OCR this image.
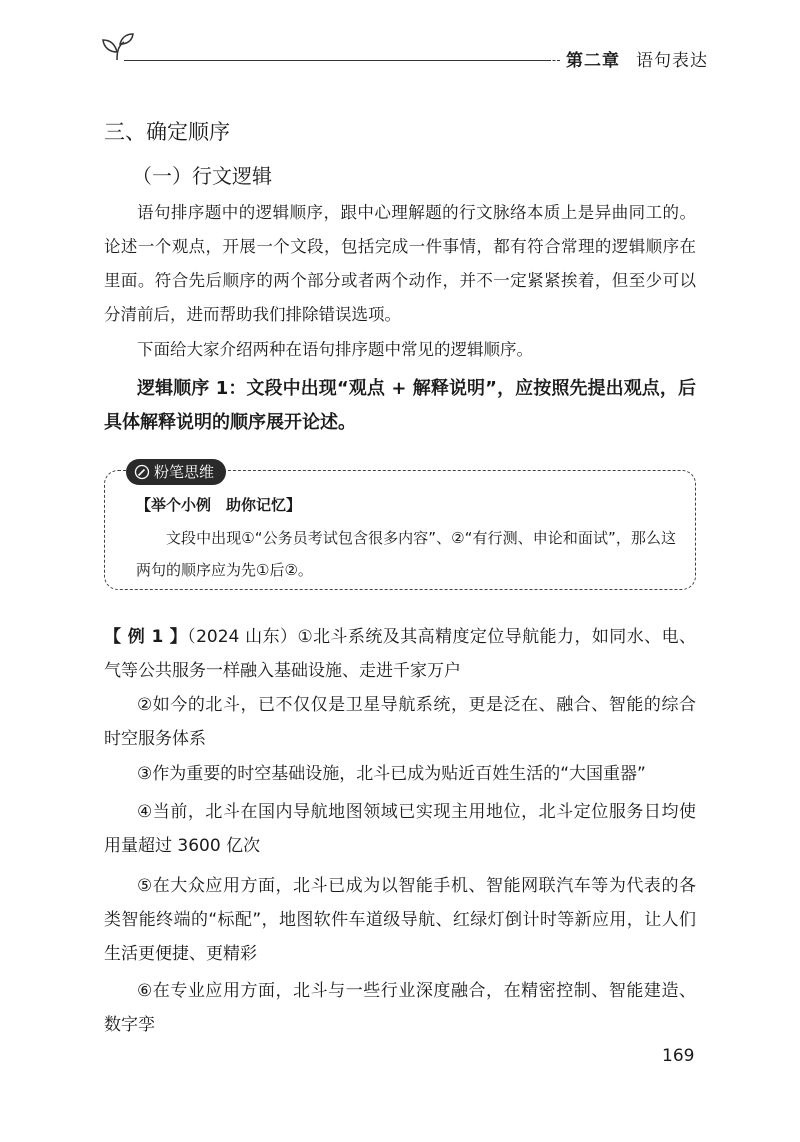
第二章 语句表达
三、确定顺序
（一）行文逻辑
语句排序题中的逻辑顺序，跟中心理解题的行文脉络本质上是异曲同工的。论述一个观点，开展一个文段，包括完成一件事情，都有符合常理的逻辑顺序在里面。符合先后顺序的两个部分或者两个动作，并不一定紧紧挨着，但至少可以分清前后，进而帮助我们排除错误选项。
下面给大家介绍两种在语句排序题中常见的逻辑顺序。
逻辑顺序 1：文段中出现“观点 + 解释说明”，应按照先提出观点，后具体解释说明的顺序展开论述。
粉笔思维
【举个小例　助你记忆】
文段中出现①“公务员考试包含很多内容”、②“有行测、申论和面试”，那么这两句的顺序应为先①后②。
【 例 1 】（2024 山东）①北斗系统及其高精度定位导航能力，如同水、电、气等公共服务一样融入基础设施、走进千家万户
②如今的北斗，已不仅仅是卫星导航系统，更是泛在、融合、智能的综合时空服务体系
③作为重要的时空基础设施，北斗已成为贴近百姓生活的“大国重器”
④当前，北斗在国内导航地图领域已实现主用地位，北斗定位服务日均使用量超过 3600 亿次
⑤在大众应用方面，北斗已成为以智能手机、智能网联汽车等为代表的各类智能终端的“标配”，地图软件车道级导航、红绿灯倒计时等新应用，让人们生活更便捷、更精彩
⑥在专业应用方面，北斗与一些行业深度融合，在精密控制、智能建造、数字孪
169
